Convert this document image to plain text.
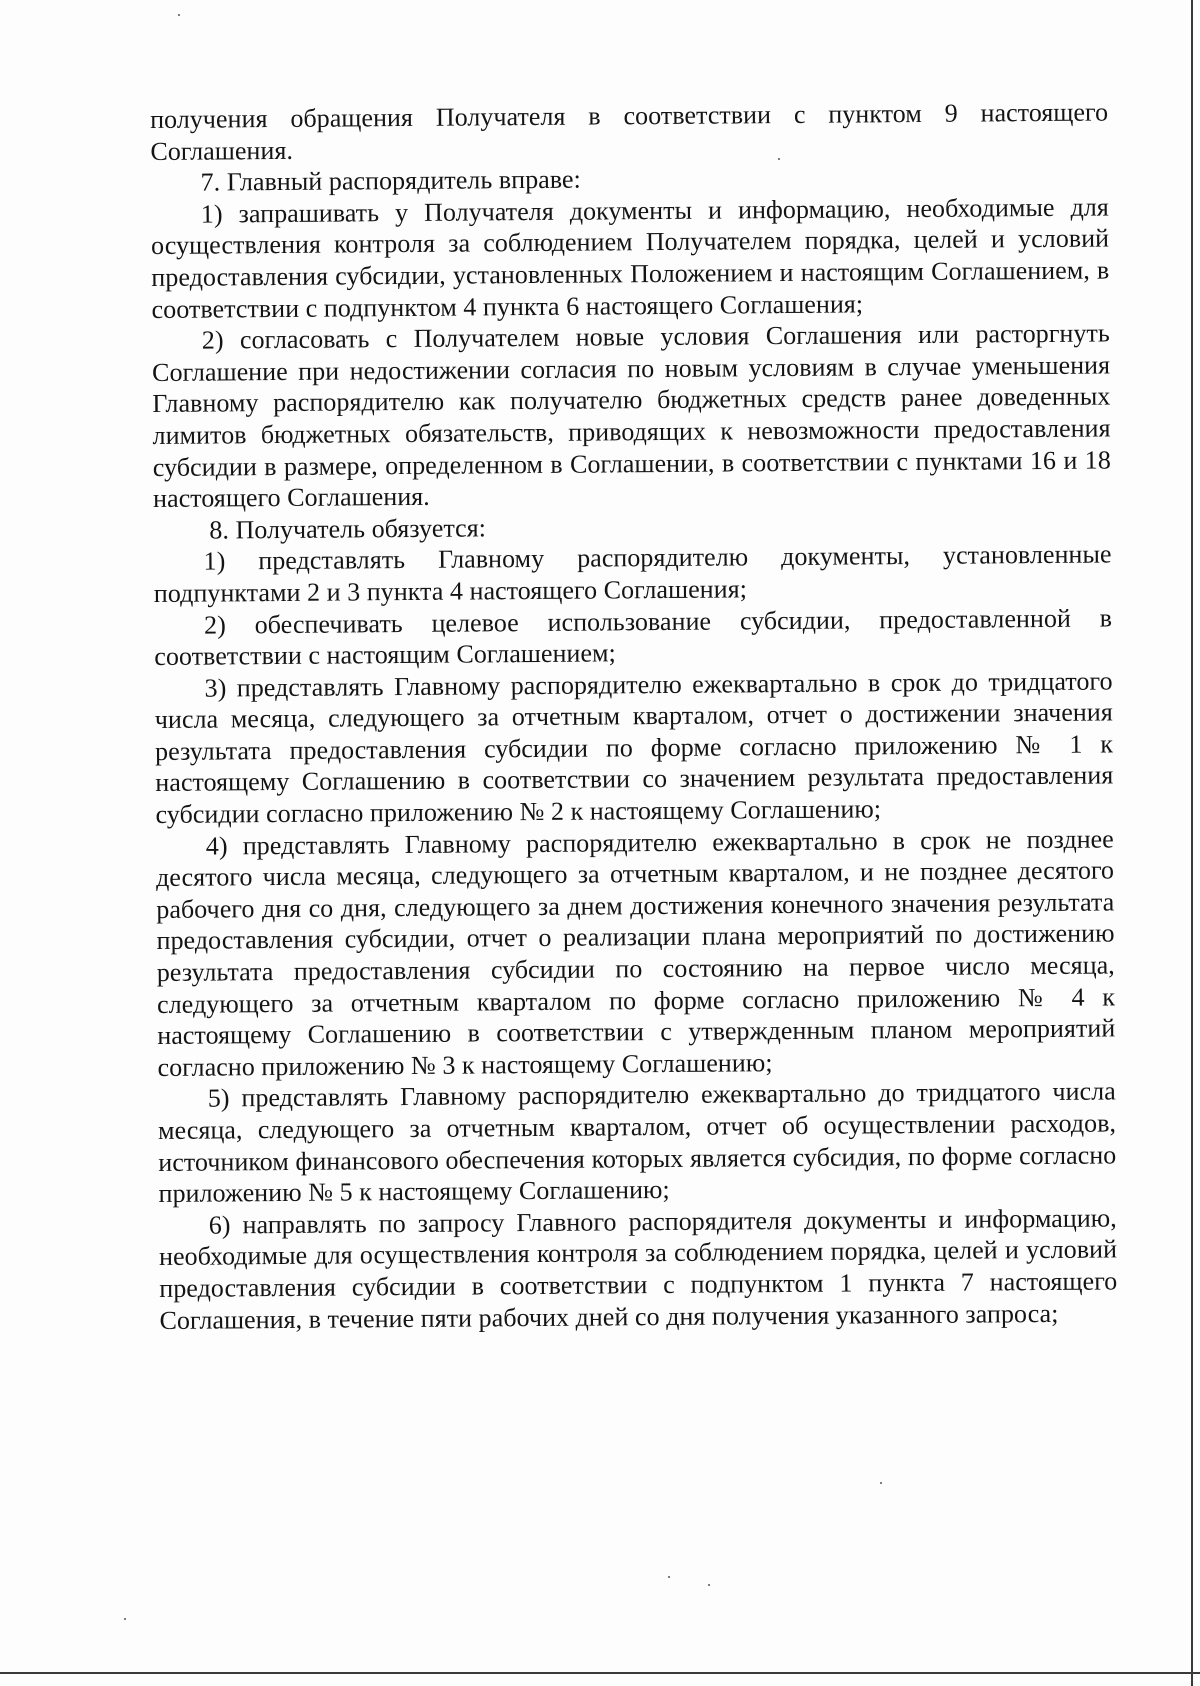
получения обращения Получателя в соответствии с пунктом 9 настоящего Соглашения.

7. Главный распорядитель вправе:

1) запрашивать у Получателя документы и информацию, необходимые для осуществления контроля за соблюдением Получателем порядка, целей и условий предоставления субсидии, установленных Положением и настоящим Соглашением, в соответствии с подпунктом 4 пункта 6 настоящего Соглашения;

2) согласовать с Получателем новые условия Соглашения или расторгнуть Соглашение при недостижении согласия по новым условиям в случае уменьшения Главному распорядителю как получателю бюджетных средств ранее доведенных лимитов бюджетных обязательств, приводящих к невозможности предоставления субсидии в размере, определенном в Соглашении, в соответствии с пунктами 16 и 18 настоящего Соглашения.

8. Получатель обязуется:

1) представлять Главному распорядителю документы, установленные подпунктами 2 и 3 пункта 4 настоящего Соглашения;

2) обеспечивать целевое использование субсидии, предоставленной в соответствии с настоящим Соглашением;

3) представлять Главному распорядителю ежеквартально в срок до тридцатого числа месяца, следующего за отчетным кварталом, отчет о достижении значения результата предоставления субсидии по форме согласно приложению № 1 к настоящему Соглашению в соответствии со значением результата предоставления субсидии согласно приложению № 2 к настоящему Соглашению;

4) представлять Главному распорядителю ежеквартально в срок не позднее десятого числа месяца, следующего за отчетным кварталом, и не позднее десятого рабочего дня со дня, следующего за днем достижения конечного значения результата предоставления субсидии, отчет о реализации плана мероприятий по достижению результата предоставления субсидии по состоянию на первое число месяца, следующего за отчетным кварталом по форме согласно приложению № 4 к настоящему Соглашению в соответствии с утвержденным планом мероприятий согласно приложению № 3 к настоящему Соглашению;

5) представлять Главному распорядителю ежеквартально до тридцатого числа месяца, следующего за отчетным кварталом, отчет об осуществлении расходов, источником финансового обеспечения которых является субсидия, по форме согласно приложению № 5 к настоящему Соглашению;

6) направлять по запросу Главного распорядителя документы и информацию, необходимые для осуществления контроля за соблюдением порядка, целей и условий предоставления субсидии в соответствии с подпунктом 1 пункта 7 настоящего Соглашения, в течение пяти рабочих дней со дня получения указанного запроса;
